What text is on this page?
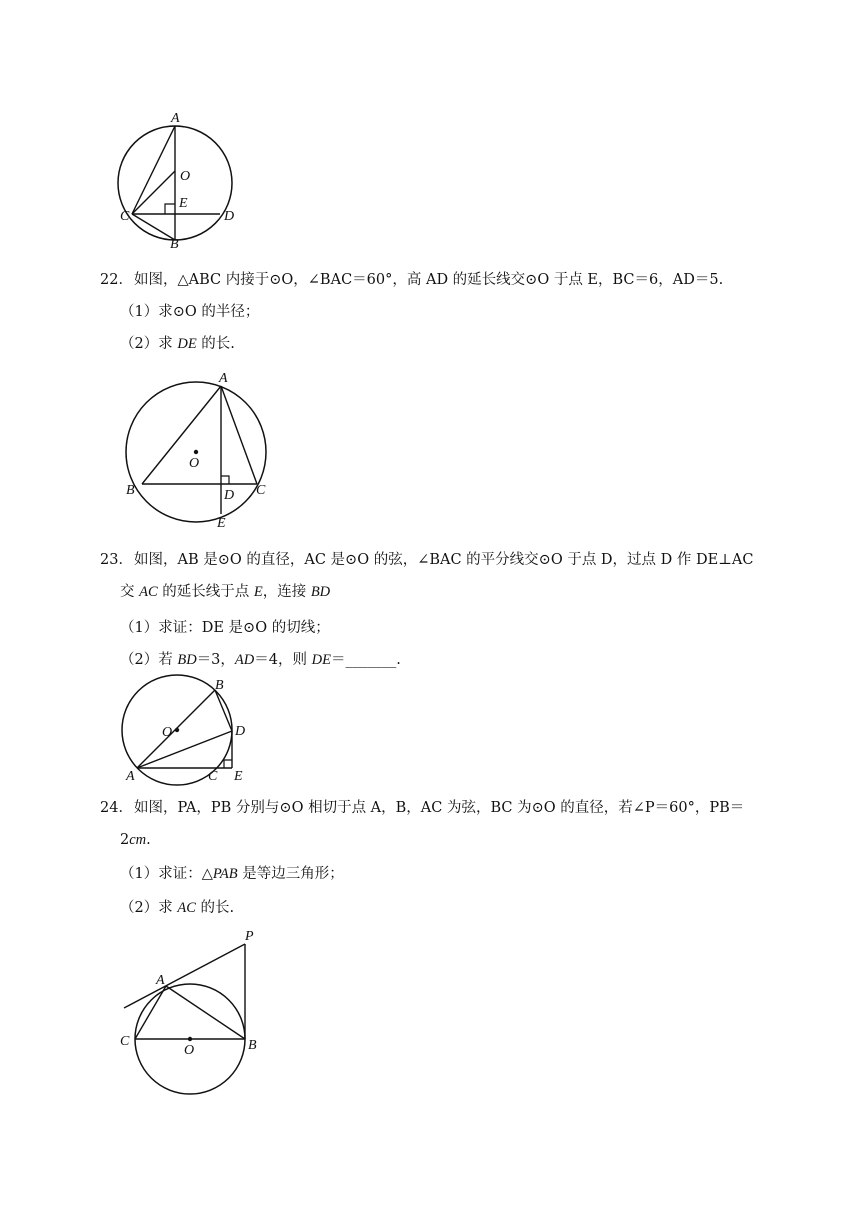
A
O
E
C	D
B
22． 如图，△ABC 内接于⊙O，∠BAC＝60°，高 AD 的延长线交⊙O 于点 E，BC＝6，AD＝5.
（1）求⊙O 的半径；
（2）求 DE 的长.
A
O
B	D C
E
23． 如图，AB 是⊙O 的直径，AC 是⊙O 的弦，∠BAC 的平分线交⊙O 于点 D，过点 D 作 DE⊥AC
交 AC 的延长线于点 E，连接 BD
（1）求证：DE 是⊙O 的切线；
（2）若 BD＝3，AD＝4，则 DE＝_______.
B
O	D
A	C E
24． 如图，PA，PB 分别与⊙O 相切于点 A，B，AC 为弦，BC 为⊙O 的直径，若∠P＝60°，PB＝
2cm.
（1）求证：△PAB 是等边三角形；
（2）求 AC 的长.
P
A
C
O	B
